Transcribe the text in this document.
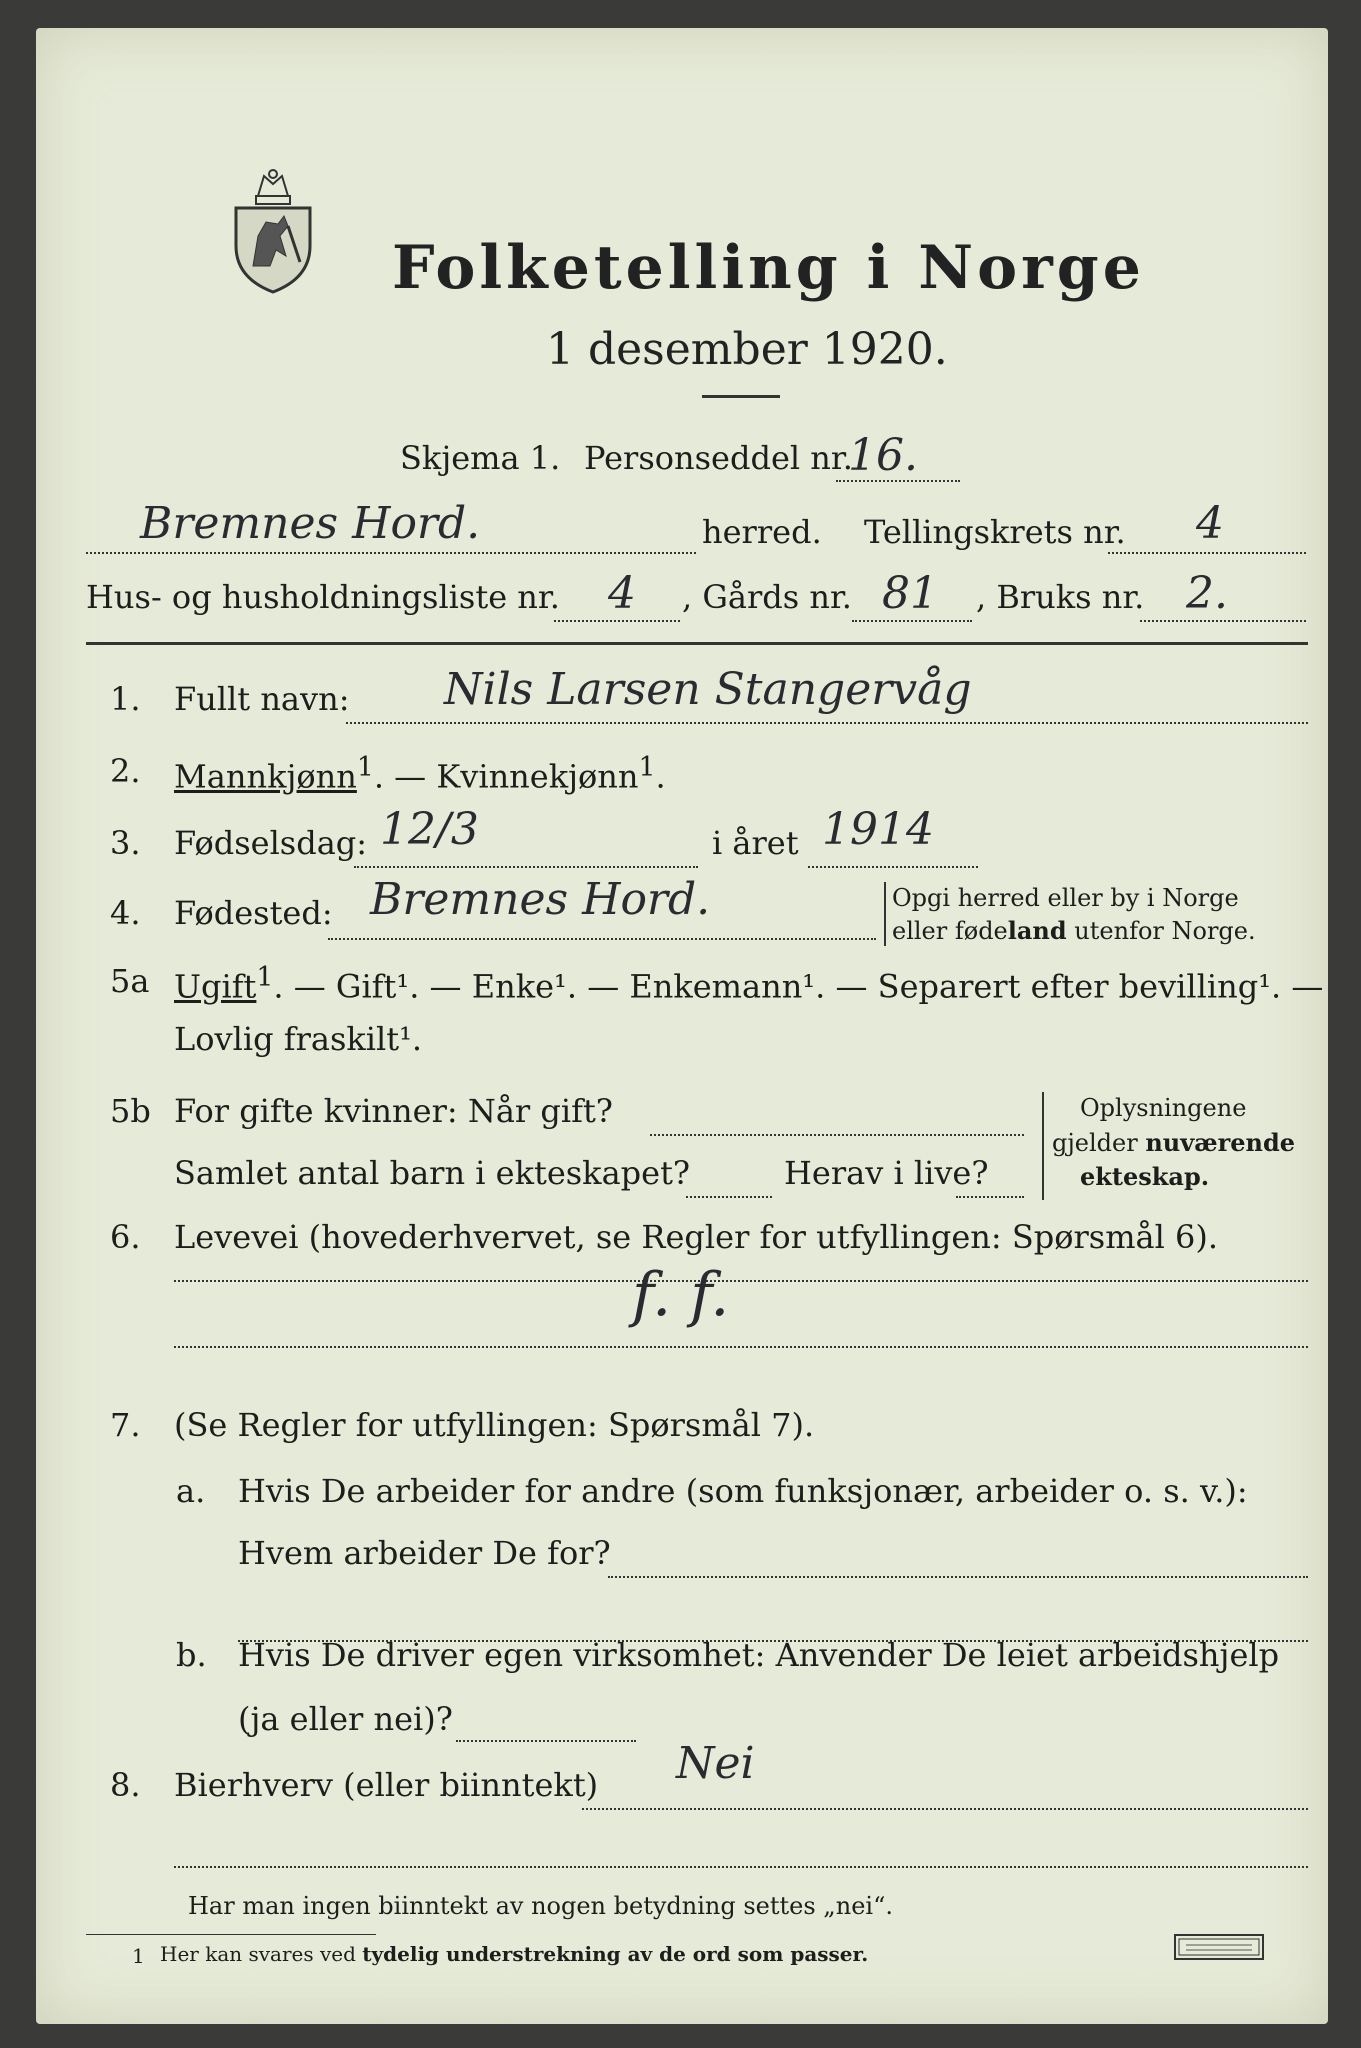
Folketelling i Norge
1 desember 1920.
Skjema 1. Personseddel nr.
16.
Bremnes Hord.	herred. Tellingskrets nr. 4
Hus- og husholdningsliste nr. 4 , Gårds nr. 81 , Bruks nr. 2.
1. Fullt navn: Nils Larsen Stangervåg
2. Mannkjønn$^1$. — Kvinnekjønn$^1$.
3. Fødselsdag: 12/3	i året 1914
4. Fødested: Bremnes Hord.	Opgi herred eller by i Norge
eller fødeland utenfor Norge.
5a Ugift$^1$. — Gift¹. — Enke¹. — Enkemann¹. — Separert efter bevilling¹. —
Lovlig fraskilt¹.
5b For gifte kvinner: Når gift?
Samlet antal barn i ekteskapet?	Herav i live?
Oplysningene
gjelder nuværende
ekteskap.
6. Levevei (hovederhvervet, se Regler for utfyllingen: Spørsmål 6).
f. f.
7. (Se Regler for utfyllingen: Spørsmål 7).
a. Hvis De arbeider for andre (som funksjonær, arbeider o. s. v.):
Hvem arbeider De for?
b. Hvis De driver egen virksomhet: Anvender De leiet arbeidshjelp
(ja eller nei)?
8. Bierhverv (eller biinntekt) Nei
Har man ingen biinntekt av nogen betydning settes „nei“.
1 Her kan svares ved tydelig understrekning av de ord som passer.
